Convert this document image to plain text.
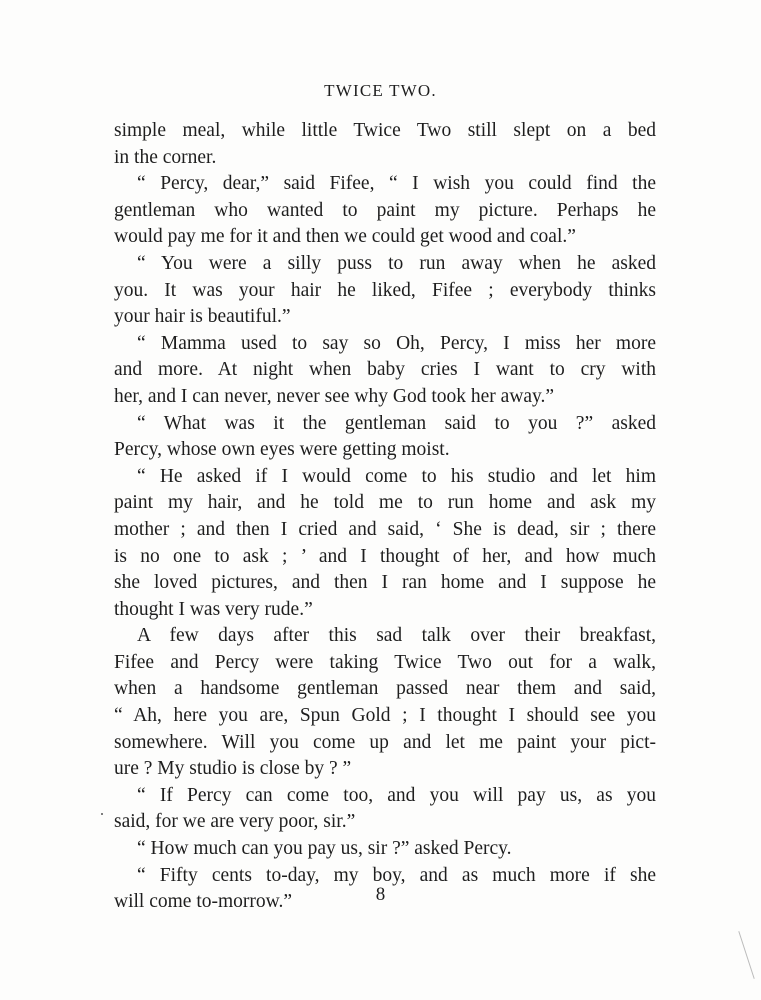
TWICE TWO.

simple meal, while little Twice Two still slept on a bed

in the corner.

“ Percy, dear,” said Fifee, “ I wish you could find the

gentleman who wanted to paint my picture. Perhaps he

would pay me for it and then we could get wood and coal.”

“ You were a silly puss to run away when he asked

you. It was your hair he liked, Fifee ; everybody thinks

your hair is beautiful.”

“ Mamma used to say so Oh, Percy, I miss her more

and more. At night when baby cries I want to cry with

her, and I can never, never see why God took her away.”

“ What was it the gentleman said to you ?” asked

Percy, whose own eyes were getting moist.

“ He asked if I would come to his studio and let him

paint my hair, and he told me to run home and ask my

mother ; and then I cried and said, ‘ She is dead, sir ; there

is no one to ask ; ’ and I thought of her, and how much

she loved pictures, and then I ran home and I suppose he

thought I was very rude.”

A few days after this sad talk over their breakfast,

Fifee and Percy were taking Twice Two out for a walk,

when a handsome gentleman passed near them and said,

“ Ah, here you are, Spun Gold ; I thought I should see you

somewhere. Will you come up and let me paint your pict-

ure ? My studio is close by ? ”

“ If Percy can come too, and you will pay us, as you

said, for we are very poor, sir.”

“ How much can you pay us, sir ?” asked Percy.

“ Fifty cents to-day, my boy, and as much more if she

will come to-morrow.”	8
